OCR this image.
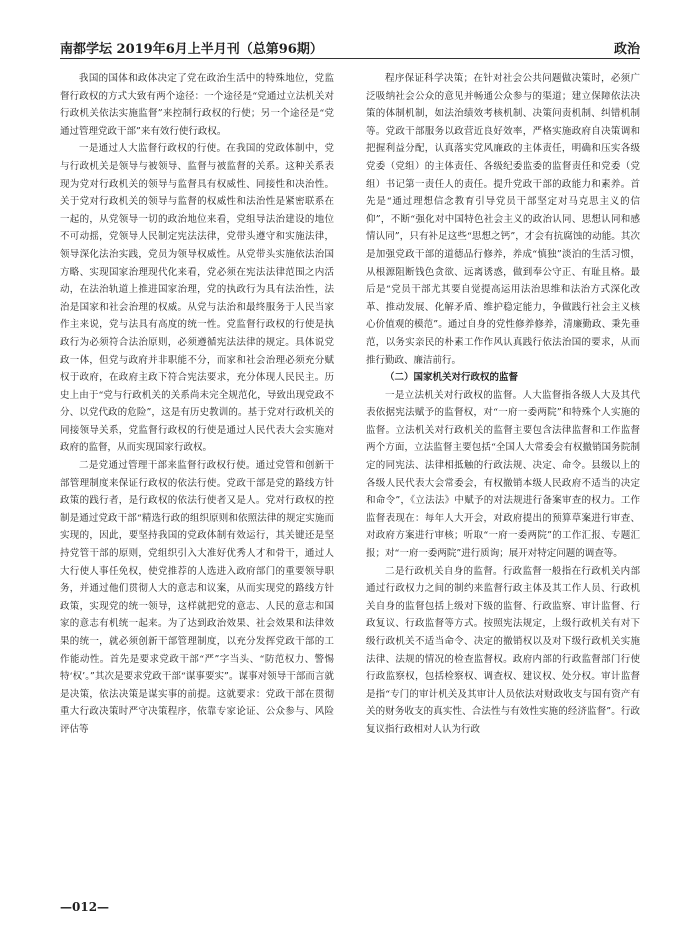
南都学坛 2019年6月上半月刊（总第96期）	政治

我国的国体和政体决定了党在政治生活中的特殊地位，党监督行政权的方式大致有两个途径：一个途径是“党通过立法机关对行政机关依法实施监督”来控制行政权的行使；另一个途径是“党通过管理党政干部”来有效行使行政权。

一是通过人大监督行政权的行使。在我国的党政体制中，党与行政机关是领导与被领导、监督与被监督的关系。这种关系表现为党对行政机关的领导与监督具有权威性、同接性和决治性。关于党对行政机关的领导与监督的权威性和法治性是紧密联系在一起的，从党领导一切的政治地位来看，党组导法治建设的地位不可动摇，党领导人民制定宪法法律，党带头遵守和实施法律，领导深化法治实践，党员为领导权威性。从党带头实施依法治国方略、实现国家治理现代化来看，党必须在宪法法律范围之内活动，在法治轨道上推进国家治理，党的执政行为具有法治性，法治是国家和社会治理的权威。从党与法治和最终服务于人民当家作主来说，党与法具有高度的统一性。党监督行政权的行使是执政行为必须符合法治原则，必须遵循宪法法律的规定。具体说党政一体，但党与政府并非职能不分，而家和社会治理必须充分赋权于政府，在政府主政下符合宪法要求，充分体现人民民主。历史上由于“党与行政机关的关系尚未完全规范化，导致出现党政不分、以党代政的危险”，这是有历史教训的。基于党对行政机关的同接领导关系，党监督行政权的行使是通过人民代表大会实施对政府的监督，从而实现国家行政权。

二是党通过管理干部来监督行政权行使。通过党管和创新干部管理制度来保证行政权的依法行使。党政干部是党的路线方针政策的践行者，是行政权的依法行使者又是人。党对行政权的控制是通过党政干部“精选行政的组织原则和依照法律的规定实施而实现的，因此，要坚持我国的党政体制有效运行，其关键还是坚持党管干部的原则，党组织引入大准好优秀人才和骨干，通过人大行使人事任免权，使党推荐的人选进入政府部门的重要领导职务，并通过他们贯彻人大的意志和议案，从而实现党的路线方针政策，实现党的统一领导，这样就把党的意志、人民的意志和国家的意志有机统一起来。为了达到政治效果、社会效果和法律效果的统一，就必须创新干部管理制度，以充分发挥党政干部的工作能动性。首先是要求党政干部“严”字当头、“防范权力、警惕特‘权’。”其次是要求党政干部“谋事要实”。谋事对领导干部而言就是决策，依法决策是谋实事的前提。这就要求：党政干部在贯彻重大行政决策时严守决策程序，依靠专家论证、公众参与、风险评估等

程序保证科学决策；在针对社会公共问题做决策时，必须广泛吸纳社会公众的意见并畅通公众参与的渠道；建立保障依法决策的体制机制，如法治绩效考核机制、决策问责机制、纠错机制等。党政干部服务以政营近良好效率，严格实施政府自决策调和把握利益分配，认真落实党风廉政的主体责任，明确和压实各级党委（党组）的主体责任、各级纪委监委的监督责任和党委（党组）书记第一责任人的责任。提升党政干部的政能力和素养。首先是“通过理想信念教育引导党员干部坚定对马克思主义的信仰”，不断“强化对中国特色社会主义的政治认同、思想认同和感情认同”，只有补足这些“思想之钙”，才会有抗腐蚀的动能。其次是加强党政干部的道德品行修养，养成“慎独”淡泊的生活习惯，从根源阻断钱色贪欲、远离诱惑，做到奉公守正、有耻且格。最后是“党员干部尤其要自觉提高运用法治思维和法治方式深化改革、推动发展、化解矛盾、维护稳定能力，争做践行社会主义核心价值观的模范”。通过自身的党性修养修养，清廉勤政、秉先垂范，以务实亲民的朴素工作作风认真践行依法治国的要求，从而推行勤政、廉洁前行。

（二）国家机关对行政权的监督

一是立法机关对行政权的监督。人大监督指各级人大及其代表依据宪法赋予的监督权，对“一府一委两院”和特殊个人实施的监督。立法机关对行政机关的监督主要包含法律监督和工作监督两个方面，立法监督主要包括“全国人大常委会有权撤销国务院制定的同宪法、法律相抵触的行政法规、决定、命令。县级以上的各级人民代表大会常委会，有权撤销本级人民政府不适当的决定和命令”，《立法法》中赋予的对法规进行备案审查的权力。工作监督表现在：每年人大开会，对政府提出的预算草案进行审查、对政府方案进行审核；听取“一府一委两院”的工作汇报、专题汇报；对“一府一委两院”进行质询；展开对特定问题的调查等。

二是行政机关自身的监督。行政监督一般指在行政机关内部通过行政权力之间的制约来监督行政主体及其工作人员、行政机关自身的监督包括上级对下级的监督、行政监察、审计监督、行政复议、行政监督等方式。按照宪法规定，上级行政机关有对下级行政机关不适当命令、决定的撤销权以及对下级行政机关实施法律、法规的情况的检查监督权。政府内部的行政监督部门行使行政监察权，包括检察权、调查权、建议权、处分权。审计监督是指“专门的审计机关及其审计人员依法对财政收支与国有资产有关的财务收支的真实性、合法性与有效性实施的经济监督”。行政复议指行政相对人认为行政

—012—
